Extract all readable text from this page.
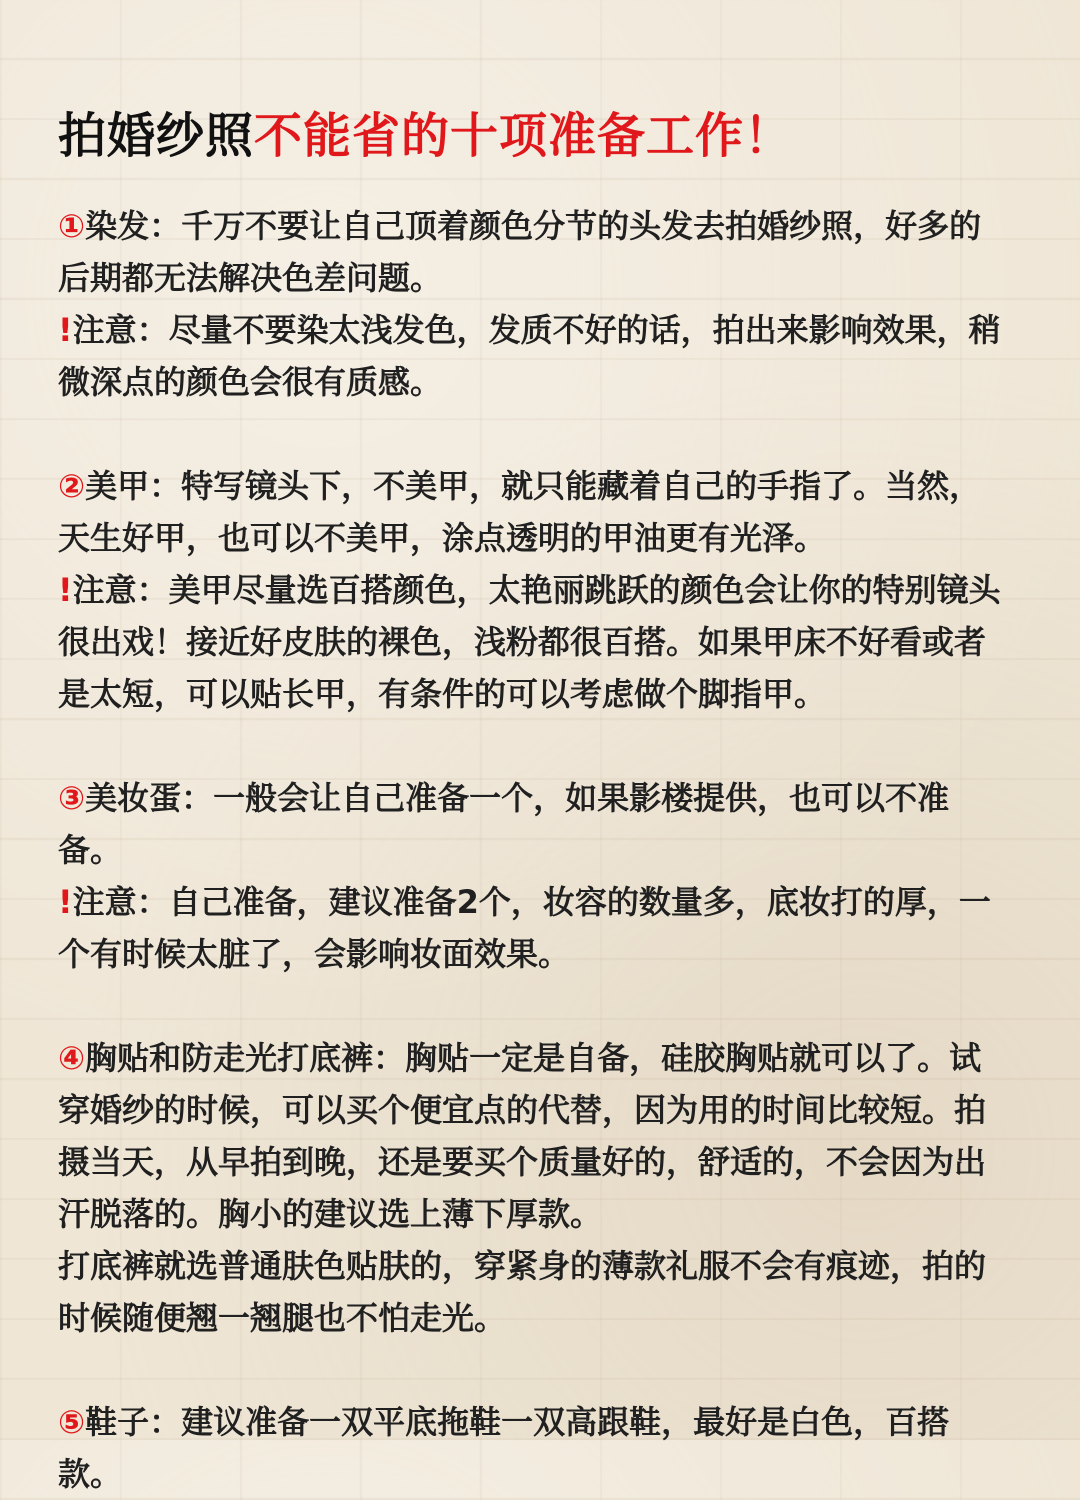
拍婚纱照不能省的十项准备工作！

①染发：千万不要让自己顶着颜色分节的头发去拍婚纱照，好多的后期都无法解决色差问题。

!注意：尽量不要染太浅发色，发质不好的话，拍出来影响效果，稍微深点的颜色会很有质感。

②美甲：特写镜头下，不美甲，就只能藏着自己的手指了。当然，天生好甲，也可以不美甲，涂点透明的甲油更有光泽。

!注意：美甲尽量选百搭颜色，太艳丽跳跃的颜色会让你的特别镜头很出戏！接近好皮肤的裸色，浅粉都很百搭。如果甲床不好看或者是太短，可以贴长甲，有条件的可以考虑做个脚指甲。

③美妆蛋：一般会让自己准备一个，如果影楼提供，也可以不准备。

!注意：自己准备，建议准备2个，妆容的数量多，底妆打的厚，一个有时候太脏了，会影响妆面效果。

④胸贴和防走光打底裤：胸贴一定是自备，硅胶胸贴就可以了。试穿婚纱的时候，可以买个便宜点的代替，因为用的时间比较短。拍摄当天，从早拍到晚，还是要买个质量好的，舒适的，不会因为出汗脱落的。胸小的建议选上薄下厚款。

打底裤就选普通肤色贴肤的，穿紧身的薄款礼服不会有痕迹，拍的时候随便翘一翘腿也不怕走光。

⑤鞋子：建议准备一双平底拖鞋一双高跟鞋，最好是白色，百搭款。
